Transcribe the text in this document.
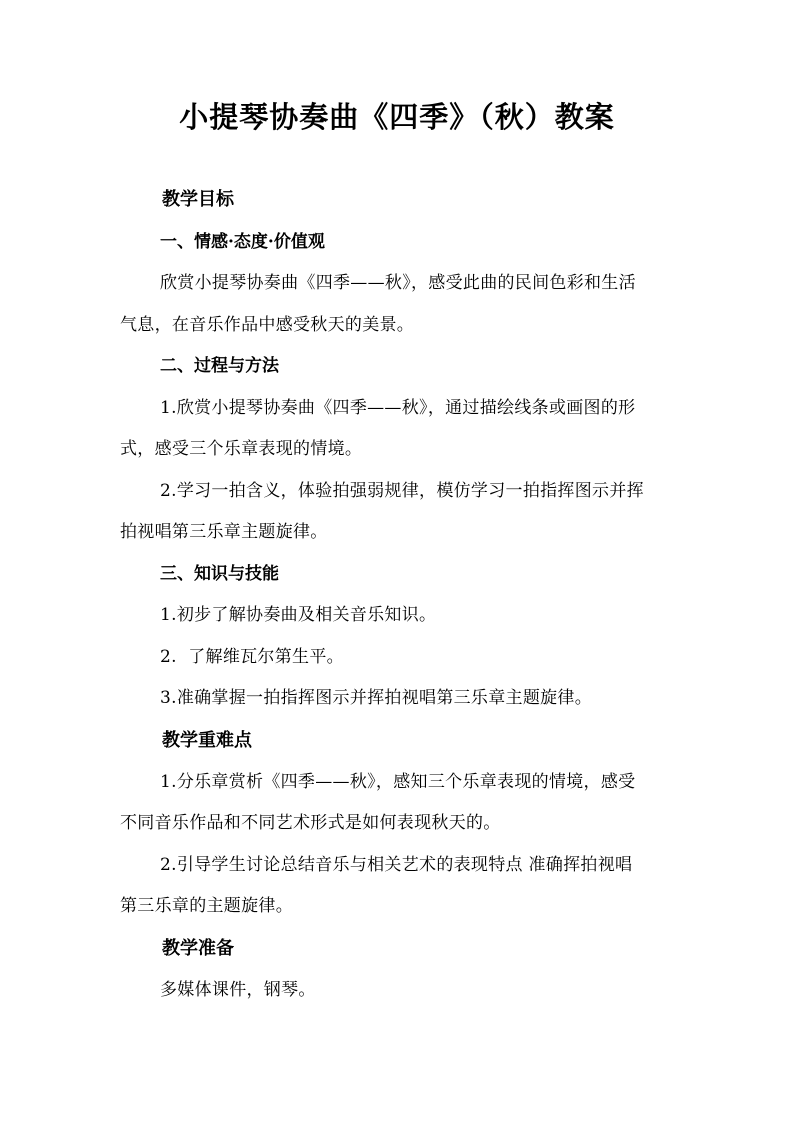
小提琴协奏曲《四季》（秋）教案
教学目标
一、情感·态度·价值观
欣赏小提琴协奏曲《四季——秋》，感受此曲的民间色彩和生活
气息，在音乐作品中感受秋天的美景。
二、过程与方法
1.欣赏小提琴协奏曲《四季——秋》，通过描绘线条或画图的形
式，感受三个乐章表现的情境。
2.学习一拍含义，体验拍强弱规律，模仿学习一拍指挥图示并挥
拍视唱第三乐章主题旋律。
三、知识与技能
1.初步了解协奏曲及相关音乐知识。
2.  了解维瓦尔第生平。
3.准确掌握一拍指挥图示并挥拍视唱第三乐章主题旋律。
教学重难点
1.分乐章赏析《四季——秋》，感知三个乐章表现的情境，感受
不同音乐作品和不同艺术形式是如何表现秋天的。
2.引导学生讨论总结音乐与相关艺术的表现特点 准确挥拍视唱
第三乐章的主题旋律。
教学准备
多媒体课件，钢琴。
